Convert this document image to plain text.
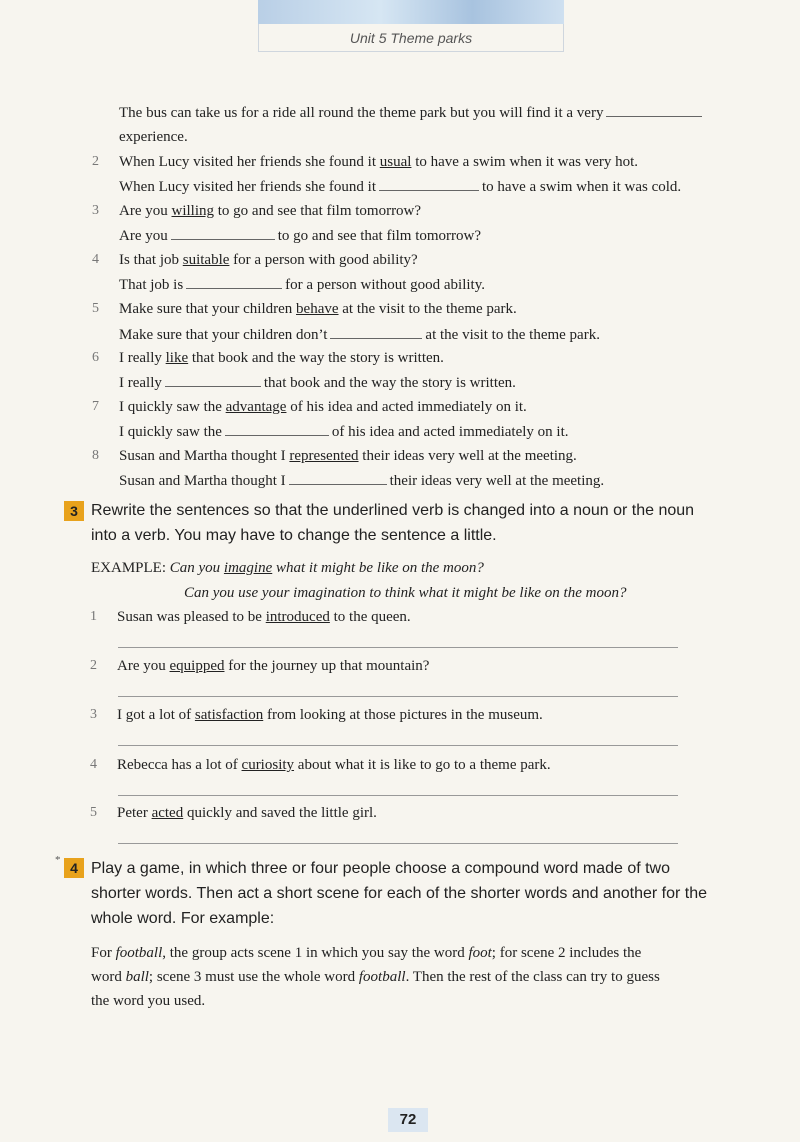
Unit 5 Theme parks
The bus can take us for a ride all round the theme park but you will find it a very
experience.
2 When Lucy visited her friends she found it usual to have a swim when it was very hot.
When Lucy visited her friends she found it	to have a swim when it was cold.
3 Are you willing to go and see that film tomorrow?
Are you	to go and see that film tomorrow?
4 Is that job suitable for a person with good ability?
That job is	for a person without good ability.
5 Make sure that your children behave at the visit to the theme park.
Make sure that your children don’t	at the visit to the theme park.
6 I really like that book and the way the story is written.
I really	that book and the way the story is written.
7 I quickly saw the advantage of his idea and acted immediately on it.
I quickly saw the	of his idea and acted immediately on it.
8 Susan and Martha thought I represented their ideas very well at the meeting.
Susan and Martha thought I	their ideas very well at the meeting.
3 Rewrite the sentences so that the underlined verb is changed into a noun or the noun
into a verb. You may have to change the sentence a little.
EXAMPLE: Can you imagine what it might be like on the moon?
Can you use your imagination to think what it might be like on the moon?
1 Susan was pleased to be introduced to the queen.
2 Are you equipped for the journey up that mountain?
3 I got a lot of satisfaction from looking at those pictures in the museum.
4 Rebecca has a lot of curiosity about what it is like to go to a theme park.
5 Peter acted quickly and saved the little girl.
* 4 Play a game, in which three or four people choose a compound word made of two
shorter words. Then act a short scene for each of the shorter words and another for the
whole word. For example:
For football, the group acts scene 1 in which you say the word foot; for scene 2 includes the
word ball; scene 3 must use the whole word football. Then the rest of the class can try to guess
the word you used.
72
